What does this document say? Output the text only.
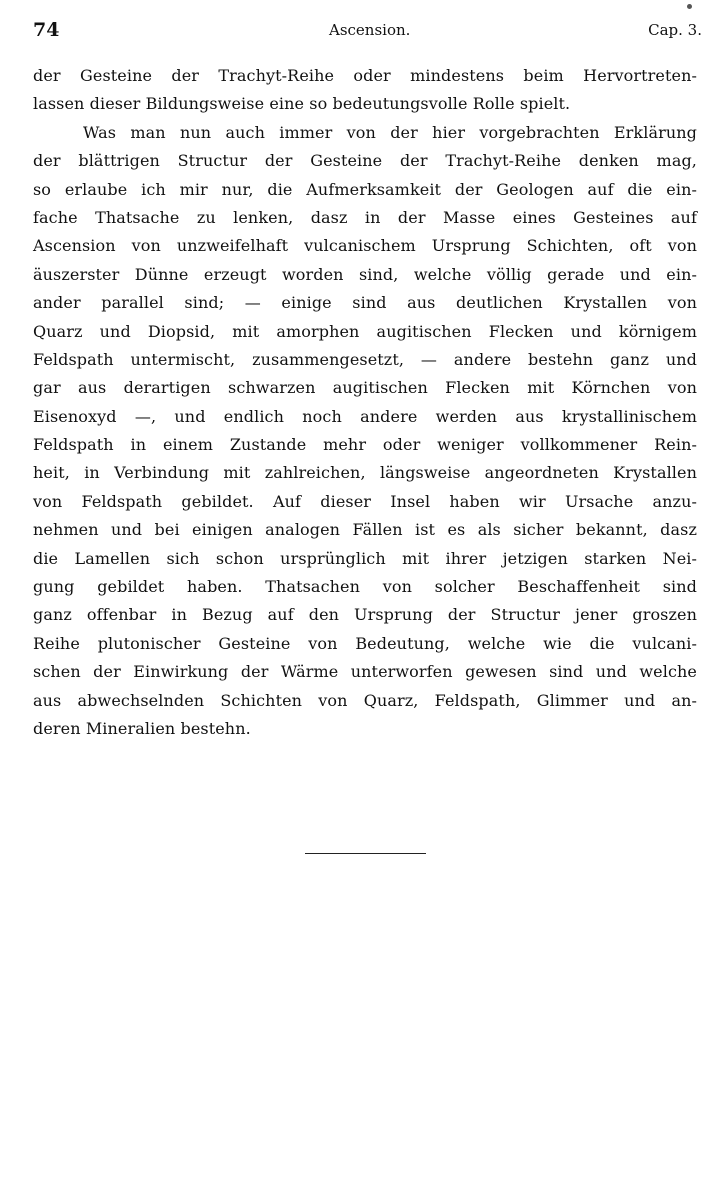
74	Ascension.	Cap. 3.
der Gesteine der Trachyt-Reihe oder mindestens beim Hervortreten-
lassen dieser Bildungsweise eine so bedeutungsvolle Rolle spielt.
Was man nun auch immer von der hier vorgebrachten Erklärung
der blättrigen Structur der Gesteine der Trachyt-Reihe denken mag,
so erlaube ich mir nur, die Aufmerksamkeit der Geologen auf die ein-
fache Thatsache zu lenken, dasz in der Masse eines Gesteines auf
Ascension von unzweifelhaft vulcanischem Ursprung Schichten, oft von
äuszerster Dünne erzeugt worden sind, welche völlig gerade und ein-
ander parallel sind; — einige sind aus deutlichen Krystallen von
Quarz und Diopsid, mit amorphen augitischen Flecken und körnigem
Feldspath untermischt, zusammengesetzt, — andere bestehn ganz und
gar aus derartigen schwarzen augitischen Flecken mit Körnchen von
Eisenoxyd —, und endlich noch andere werden aus krystallinischem
Feldspath in einem Zustande mehr oder weniger vollkommener Rein-
heit, in Verbindung mit zahlreichen, längsweise angeordneten Krystallen
von Feldspath gebildet. Auf dieser Insel haben wir Ursache anzu-
nehmen und bei einigen analogen Fällen ist es als sicher bekannt, dasz
die Lamellen sich schon ursprünglich mit ihrer jetzigen starken Nei-
gung gebildet haben. Thatsachen von solcher Beschaffenheit sind
ganz offenbar in Bezug auf den Ursprung der Structur jener groszen
Reihe plutonischer Gesteine von Bedeutung, welche wie die vulcani-
schen der Einwirkung der Wärme unterworfen gewesen sind und welche
aus abwechselnden Schichten von Quarz, Feldspath, Glimmer und an-
deren Mineralien bestehn.
